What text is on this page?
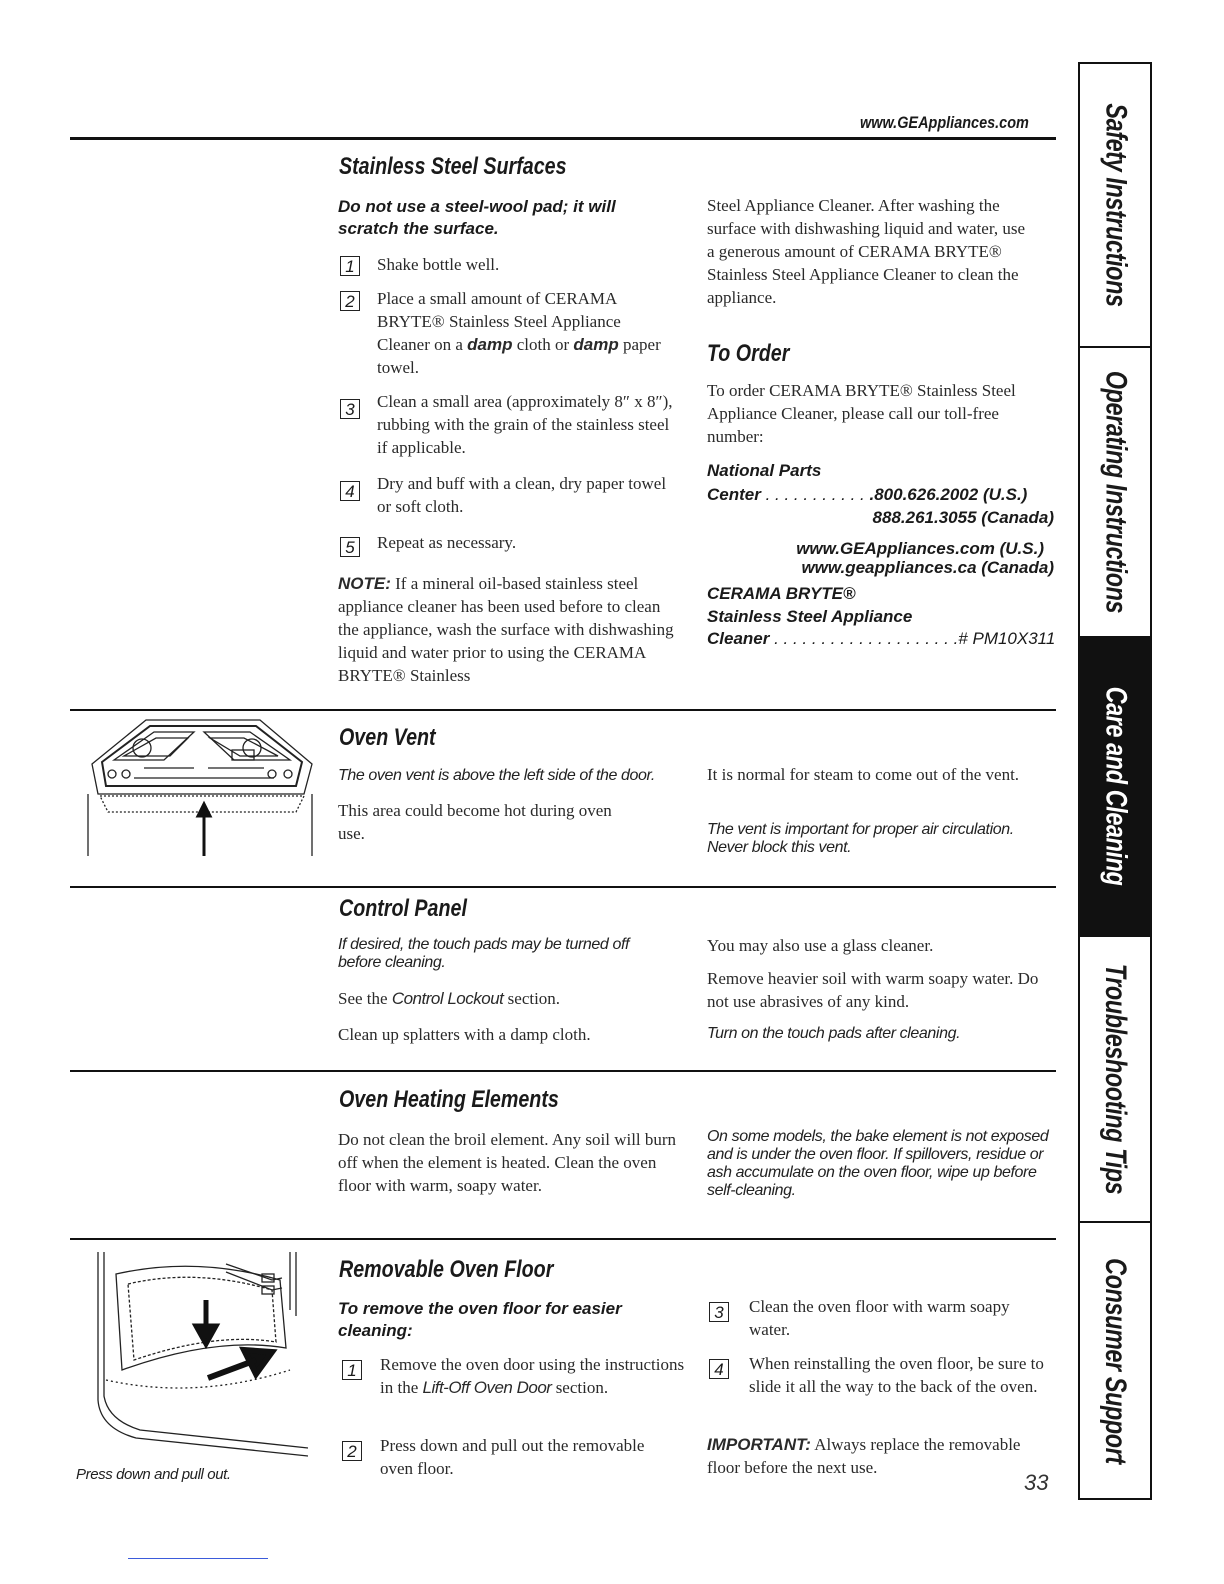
www.GEAppliances.com
Stainless Steel Surfaces
Do not use a steel-wool pad; it will scratch the surface.
1	Shake bottle well.
2	Place a small amount of CERAMA BRYTE® Stainless Steel Appliance Cleaner on a damp cloth or damp paper towel.
3	Clean a small area (approximately 8″ x 8″), rubbing with the grain of the stainless steel if applicable.
4	Dry and buff with a clean, dry paper towel or soft cloth.
5	Repeat as necessary.
NOTE: If a mineral oil-based stainless steel appliance cleaner has been used before to clean the appliance, wash the surface with dishwashing liquid and water prior to using the CERAMA BRYTE® Stainless
Steel Appliance Cleaner. After washing the surface with dishwashing liquid and water, use a generous amount of CERAMA BRYTE® Stainless Steel Appliance Cleaner to clean the appliance.
To Order
To order CERAMA BRYTE® Stainless Steel Appliance Cleaner, please call our toll-free number:
National Parts
Center . . . . . . . . . . . .800.626.2002 (U.S.)
888.261.3055 (Canada)
www.GEAppliances.com (U.S.)
www.geappliances.ca (Canada)
CERAMA BRYTE®
Stainless Steel Appliance
Cleaner . . . . . . . . . . . . . . . . . . . .# PM10X311
Oven Vent
The oven vent is above the left side of the door.
This area could become hot during oven use.
It is normal for steam to come out of the vent.
The vent is important for proper air circulation. Never block this vent.
Control Panel
If desired, the touch pads may be turned off before cleaning.
See the Control Lockout section.
Clean up splatters with a damp cloth.
You may also use a glass cleaner.
Remove heavier soil with warm soapy water. Do not use abrasives of any kind.
Turn on the touch pads after cleaning.
Oven Heating Elements
Do not clean the broil element. Any soil will burn off when the element is heated. Clean the oven floor with warm, soapy water.
On some models, the bake element is not exposed and is under the oven floor. If spillovers, residue or ash accumulate on the oven floor, wipe up before self-cleaning.
Press down and pull out.
Removable Oven Floor
To remove the oven floor for easier cleaning:
1	Remove the oven door using the instructions in the Lift-Off Oven Door section.
2	Press down and pull out the removable oven floor.
3	Clean the oven floor with warm soapy water.
4	When reinstalling the oven floor, be sure to slide it all the way to the back of the oven.
IMPORTANT: Always replace the removable floor before the next use.
33
Safety Instructions
Operating Instructions
Care and Cleaning
Troubleshooting Tips
Consumer Support
